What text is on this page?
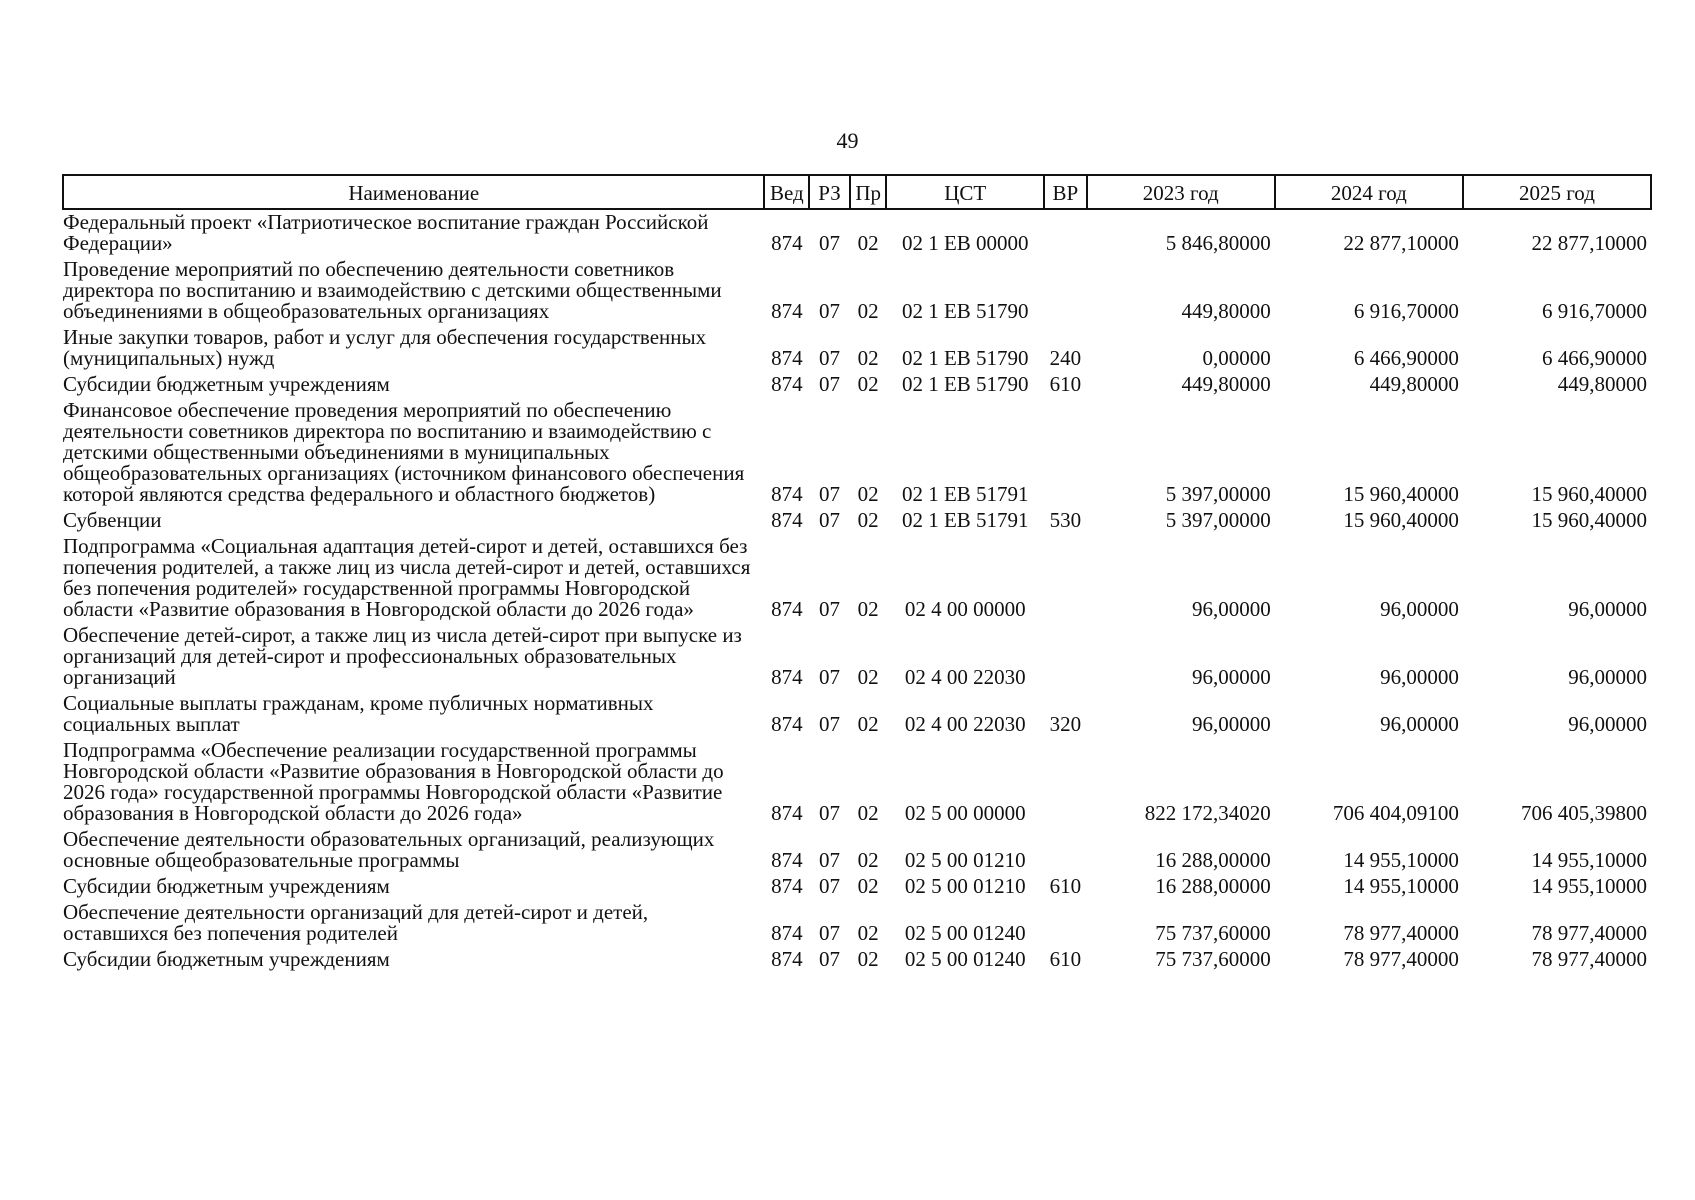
49
Наименование	Вед	РЗ	Пр	ЦСТ	ВР	2023 год	2024 год	2025 год
Федеральный проект «Патриотическое воспитание граждан Российской Федерации»	874	07	02	02 1 EB 00000		5 846,80000	22 877,10000	22 877,10000
Проведение мероприятий по обеспечению деятельности советников директора по воспитанию и взаимодействию с детскими общественными объединениями в общеобразовательных организациях	874	07	02	02 1 EB 51790		449,80000	6 916,70000	6 916,70000
Иные закупки товаров, работ и услуг для обеспечения государственных (муниципальных) нужд	874	07	02	02 1 EB 51790	240	0,00000	6 466,90000	6 466,90000
Субсидии бюджетным учреждениям	874	07	02	02 1 EB 51790	610	449,80000	449,80000	449,80000
Финансовое обеспечение проведения мероприятий по обеспечению деятельности советников директора по воспитанию и взаимодействию с детскими общественными объединениями в муниципальных общеобразовательных организациях (источником финансового обеспечения которой являются средства федерального и областного бюджетов)	874	07	02	02 1 EB 51791		5 397,00000	15 960,40000	15 960,40000
Субвенции	874	07	02	02 1 EB 51791	530	5 397,00000	15 960,40000	15 960,40000
Подпрограмма «Социальная адаптация детей-сирот и детей, оставшихся без попечения родителей, а также лиц из числа детей-сирот и детей, оставшихся без попечения родителей» государственной программы Новгородской области «Развитие образования в Новгородской области до 2026 года»	874	07	02	02 4 00 00000		96,00000	96,00000	96,00000
Обеспечение детей-сирот, а также лиц из числа детей-сирот при выпуске из организаций для детей-сирот и профессиональных образовательных организаций	874	07	02	02 4 00 22030		96,00000	96,00000	96,00000
Социальные выплаты гражданам, кроме публичных нормативных социальных выплат	874	07	02	02 4 00 22030	320	96,00000	96,00000	96,00000
Подпрограмма «Обеспечение реализации государственной программы Новгородской области «Развитие образования в Новгородской области до 2026 года» государственной программы Новгородской области «Развитие образования в Новгородской области до 2026 года»	874	07	02	02 5 00 00000		822 172,34020	706 404,09100	706 405,39800
Обеспечение деятельности образовательных организаций, реализующих основные общеобразовательные программы	874	07	02	02 5 00 01210		16 288,00000	14 955,10000	14 955,10000
Субсидии бюджетным учреждениям	874	07	02	02 5 00 01210	610	16 288,00000	14 955,10000	14 955,10000
Обеспечение деятельности организаций для детей-сирот и детей, оставшихся без попечения родителей	874	07	02	02 5 00 01240		75 737,60000	78 977,40000	78 977,40000
Субсидии бюджетным учреждениям	874	07	02	02 5 00 01240	610	75 737,60000	78 977,40000	78 977,40000
